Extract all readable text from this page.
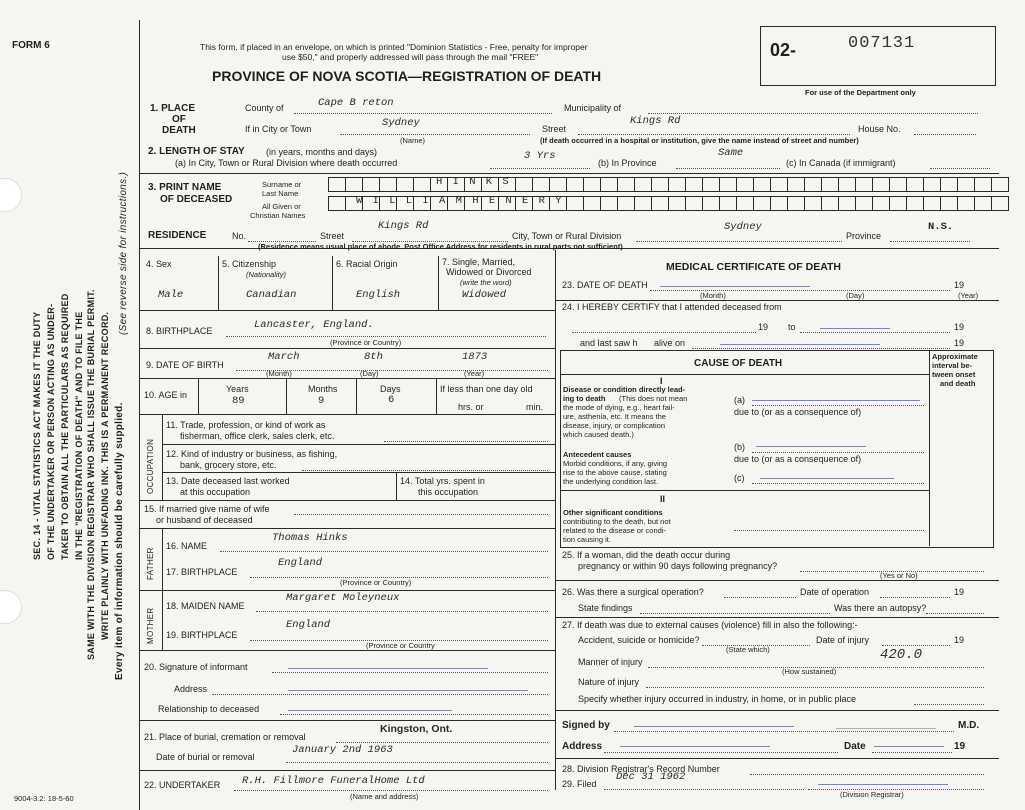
FORM 6
SEC. 14 - VITAL STATISTICS ACT MAKES IT THE DUTY OF THE UNDERTAKER OR PERSON ACTING AS UNDER- TAKER TO OBTAIN ALL THE PARTICULARS AS REQUIRED IN THE "REGISTRATION OF DEATH" AND TO FILE THE SAME WITH THE DIVISION REGISTRAR WHO SHALL ISSUE THE BURIAL PERMIT. WRITE PLAINLY WITH UNFADING INK. THIS IS A PERMANENT RECORD. Every item of information should be carefully supplied.
(See reverse side for instructions.)
9004-3.2: 18-5-60
This form, if placed in an envelope, on which is printed "Dominion Statistics - Free, penalty for improper
use $50," and properly addressed will pass through the mail "FREE"
PROVINCE OF NOVA SCOTIA—REGISTRATION OF DEATH
02-	007131
For use of the Department only
1. PLACE
OF
DEATH
County of	Cape B reton	Municipality of
If in City or Town	Sydney
(Name)
Street
Kings Rd
House No.
(If death occurred in a hospital or institution, give the name instead of street and number)
2. LENGTH OF STAY (in years, months and days)
(a) In City, Town or Rural Division where death occurred
3 Yrs
(b) In Province
Same
(c) In Canada (if immigrant)
3. PRINT NAME
OF DECEASED
Surname or
Last Name
All Given or
Christian Names
H I N K S
W I L L I A M H E N E R Y
RESIDENCE	No.	Street
Kings Rd
City, Town or Rural Division
Sydney
Province
N.S.
(Residence means usual place of abode. Post Office Address for residents in rural parts not sufficient)
4. Sex
Male
5. Citizenship
(Nationality)
Canadian
6. Racial Origin
English
7. Single, Married,
Widowed or Divorced
(write the word)
Widowed
8. BIRTHPLACE	Lancaster, England.
(Province or Country)
9. DATE OF BIRTH
March	8th	1873
(Month)	(Day)	(Year)
10. AGE in
Years	Months	Days
89	9	6
If less than one day old
hrs. or	min.
OCCUPATION
11. Trade, profession, or kind of work as
fisherman, office clerk, sales clerk, etc.
12. Kind of industry or business, as fishing,
bank, grocery store, etc.
13. Date deceased last worked
at this occupation
14. Total yrs. spent in
this occupation
15. If married give name of wife
or husband of deceased
FATHER
16. NAME
Thomas Hinks
17. BIRTHPLACE
England
(Province or Country)
MOTHER
18. MAIDEN NAME
Margaret Moleyneux
19. BIRTHPLACE
England
(Province or Country
20. Signature of informant
Address
Relationship to deceased
21. Place of burial, cremation or removal
Kingston, Ont.
Date of burial or removal
January 2nd 1963
22. UNDERTAKER R.H. Fillmore FuneralHome Ltd
(Name and address)
MEDICAL CERTIFICATE OF DEATH
23. DATE OF DEATH	19
(Month)	(Day)	(Year)
24. I HEREBY CERTIFY that I attended deceased from
19 to	19
and last saw h alive on	19
CAUSE OF DEATH
Approximate
interval be-
tween onset
and death
I
Disease or condition directly lead-
ing to death (This does not mean
the mode of dying, e.g., heart fail-
ure, asthenia, etc. It means the
disease, injury, or complication
which caused death.)
(a)
due to (or as a consequence of)
(b)
due to (or as a consequence of)
(c)
Antecedent causes
Morbid conditions, if any, giving
rise to the above cause, stating
the underlying condition last.
II
Other significant conditions
contributing to the death, but not
related to the disease or condi-
tion causing it.
25. If a woman, did the death occur during
pregnancy or within 90 days following pregnancy?
(Yes or No)
26. Was there a surgical operation?	Date of operation	19
State findings	Was there an autopsy?
27. If death was due to external causes (violence) fill in also the following:-
Accident, suicide or homicide?	Date of injury	19
(State which)	420.0
Manner of injury
(How sustained)
Nature of injury
Specify whether injury occurred in industry, in home, or in public place
Signed by	M.D.
Address	Date	19
28. Division Registrar's Record Number
29. Filed
Dec 31 1962
(Division Registrar)
